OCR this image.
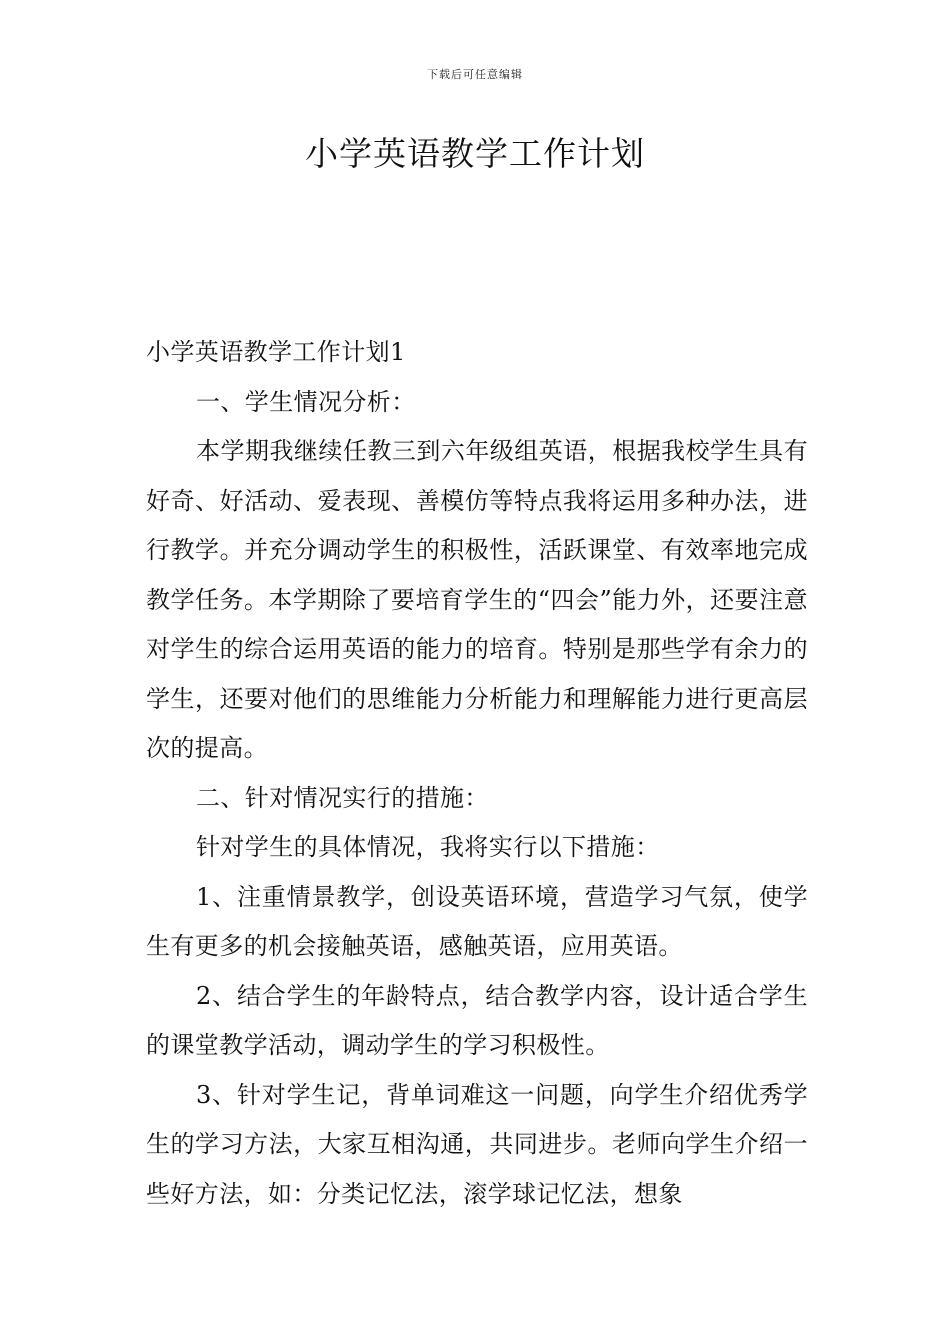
下载后可任意编辑
小学英语教学工作计划

小学英语教学工作计划1

一、学生情况分析：

本学期我继续任教三到六年级组英语，根据我校学生具有好奇、好活动、爱表现、善模仿等特点我将运用多种办法，进行教学。并充分调动学生的积极性，活跃课堂、有效率地完成教学任务。本学期除了要培育学生的“四会”能力外，还要注意对学生的综合运用英语的能力的培育。特别是那些学有余力的学生，还要对他们的思维能力分析能力和理解能力进行更高层次的提高。

二、针对情况实行的措施：

针对学生的具体情况，我将实行以下措施：

1、注重情景教学，创设英语环境，营造学习气氛，使学生有更多的机会接触英语，感触英语，应用英语。

2、结合学生的年龄特点，结合教学内容，设计适合学生的课堂教学活动，调动学生的学习积极性。

3、针对学生记，背单词难这一问题，向学生介绍优秀学生的学习方法，大家互相沟通，共同进步。老师向学生介绍一些好方法，如：分类记忆法，滚学球记忆法，想象
